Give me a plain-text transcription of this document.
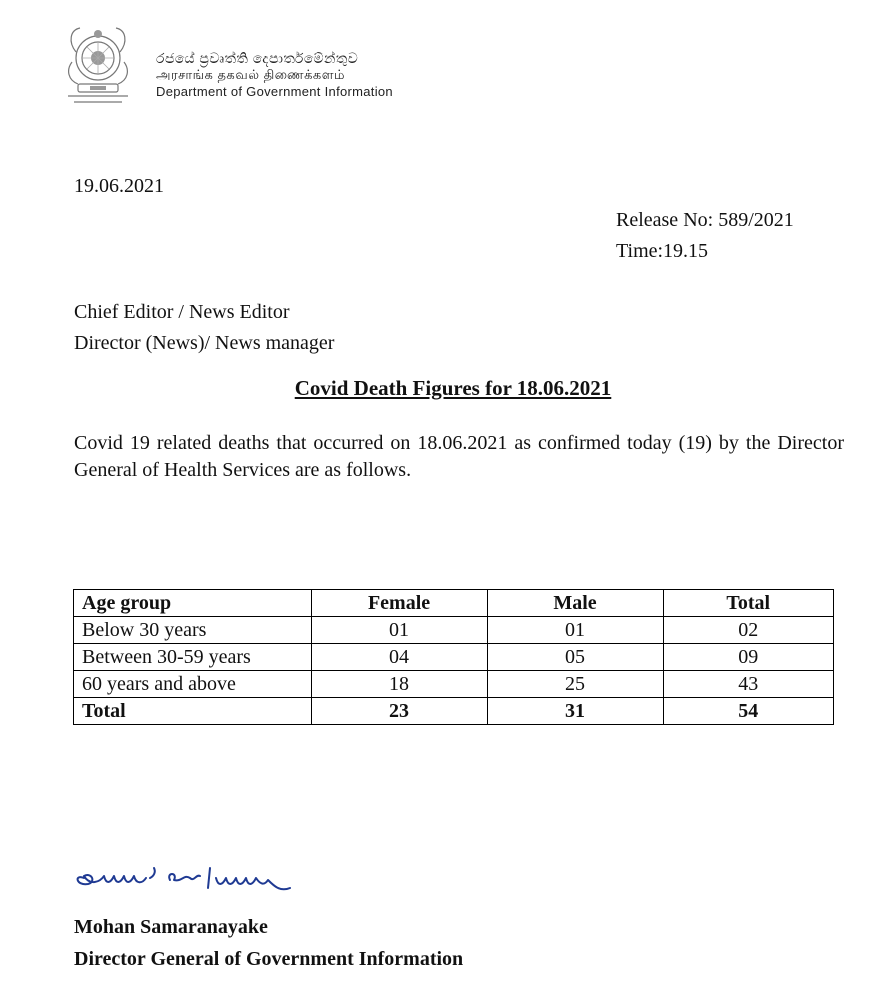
රජයේ ප්‍රවෘත්ති දෙපාර්තමේන්තුව
அரசாங்க தகவல் திணைக்களம்
Department of Government Information
19.06.2021
Release No: 589/2021
Time:19.15
Chief Editor / News Editor
Director (News)/ News manager
Covid Death Figures for 18.06.2021
Covid 19 related deaths that occurred on 18.06.2021 as confirmed today (19) by the Director General of Health Services are as follows.
Age group	Female	Male	Total
Below 30 years	01	01	02
Between 30-59 years	04	05	09
60 years and above	18	25	43
Total	23	31	54
Mohan Samaranayake
Director General of Government Information
